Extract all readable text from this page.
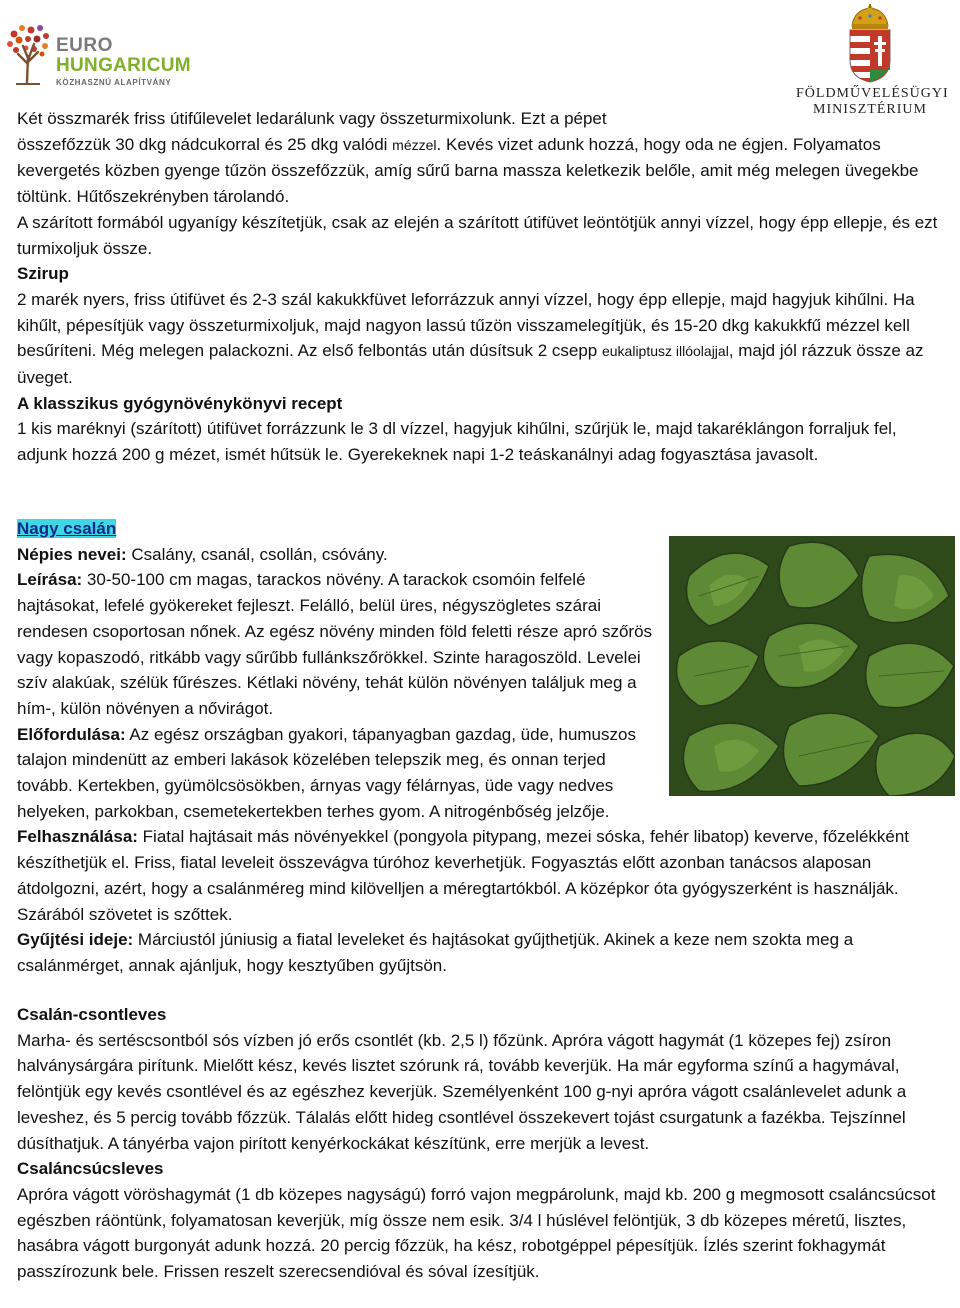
EURO
HUNGARICUM
KÖZHASZNÚ ALAPÍTVÁNY
FÖLDMŰVELÉSÜGYI
MINISZTÉRIUM

Két összmarék friss útifűlevelet ledarálunk vagy összeturmixolunk. Ezt a pépet
összefőzzük 30 dkg nádcukorral és 25 dkg valódi mézzel. Kevés vizet adunk hozzá, hogy oda ne égjen. Folyamatos kevergetés közben gyenge tűzön összefőzzük, amíg sűrű barna massza keletkezik belőle, amit még melegen üvegekbe töltünk. Hűtőszekrényben tárolandó.

A szárított formából ugyanígy készítetjük, csak az elején a szárított útifüvet leöntötjük annyi vízzel, hogy épp ellepje, és ezt turmixoljuk össze.

Szirup

2 marék nyers, friss útifüvet és 2-3 szál kakukkfüvet leforrázzuk annyi vízzel, hogy épp ellepje, majd hagyjuk kihűlni. Ha kihűlt, pépesítjük vagy összeturmixoljuk, majd nagyon lassú tűzön visszamelegítjük, és 15-20 dkg kakukkfű mézzel kell besűríteni. Még melegen palackozni. Az első felbontás után dúsítsuk 2 csepp eukaliptusz illóolajjal, majd jól rázzuk össze az üveget.

A klasszikus gyógynövénykönyvi recept

1 kis maréknyi (szárított) útifüvet forrázzunk le 3 dl vízzel, hagyjuk kihűlni, szűrjük le, majd takaréklángon forraljuk fel, adjunk hozzá 200 g mézet, ismét hűtsük le. Gyerekeknek napi 1-2 teáskanálnyi adag fogyasztása javasolt.

Nagy csalán

Népies nevei: Csalány, csanál, csollán, csóvány.

Leírása: 30-50-100 cm magas, tarackos növény. A tarackok csomóin felfelé hajtásokat, lefelé gyökereket fejleszt. Felálló, belül üres, négyszögletes szárai rendesen csoportosan nőnek. Az egész növény minden föld feletti része apró szőrös vagy kopaszodó, ritkább vagy sűrűbb fullánkszőrökkel. Szinte haragoszöld. Levelei szív alakúak, szélük fűrészes. Kétlaki növény, tehát külön növényen találjuk meg a hím-, külön növényen a nővirágot.

Előfordulása: Az egész országban gyakori, tápanyagban gazdag, üde, humuszos talajon mindenütt az emberi lakások közelében telepszik meg, és onnan terjed tovább. Kertekben, gyümölcsösökben, árnyas vagy félárnyas, üde vagy nedves helyeken, parkokban, csemetekertekben terhes gyom. A nitrogénbőség jelzője.

Felhasználása: Fiatal hajtásait más növényekkel (pongyola pitypang, mezei sóska, fehér libatop) keverve, főzelékként készíthetjük el. Friss, fiatal leveleit összevágva túróhoz keverhetjük. Fogyasztás előtt azonban tanácsos alaposan átdolgozni, azért, hogy a csalánméreg mind kilövelljen a méregtartókból. A középkor óta gyógyszerként is használják. Szárából szövetet is szőttek.

Gyűjtési ideje: Márciustól júniusig a fiatal leveleket és hajtásokat gyűjthetjük. Akinek a keze nem szokta meg a csalánmérget, annak ajánljuk, hogy kesztyűben gyűjtsön.

Csalán-csontleves

Marha- és sertéscsontból sós vízben jó erős csontlét (kb. 2,5 l) főzünk. Apróra vágott hagymát (1 közepes fej) zsíron halványsárgára pirítunk. Mielőtt kész, kevés lisztet szórunk rá, tovább keverjük. Ha már egyforma színű a hagymával, felöntjük egy kevés csontlével és az egészhez keverjük. Személyenként 100 g-nyi apróra vágott csalánlevelet adunk a leveshez, és 5 percig tovább főzzük. Tálalás előtt hideg csontlével összekevert tojást csurgatunk a fazékba. Tejszínnel dúsíthatjuk. A tányérba vajon pirított kenyérkockákat készítünk, erre merjük a levest.

Csaláncsúcsleves

Apróra vágott vöröshagymát (1 db közepes nagyságú) forró vajon megpárolunk, majd kb. 200 g megmosott csaláncsúcsot egészben ráöntünk, folyamatosan keverjük, míg össze nem esik. 3/4 l húslével felöntjük, 3 db közepes méretű, lisztes, hasábra vágott burgonyát adunk hozzá. 20 percig főzzük, ha kész, robotgéppel pépesítjük. Ízlés szerint fokhagymát passzírozunk bele. Frissen reszelt szerecsendióval és sóval ízesítjük.
